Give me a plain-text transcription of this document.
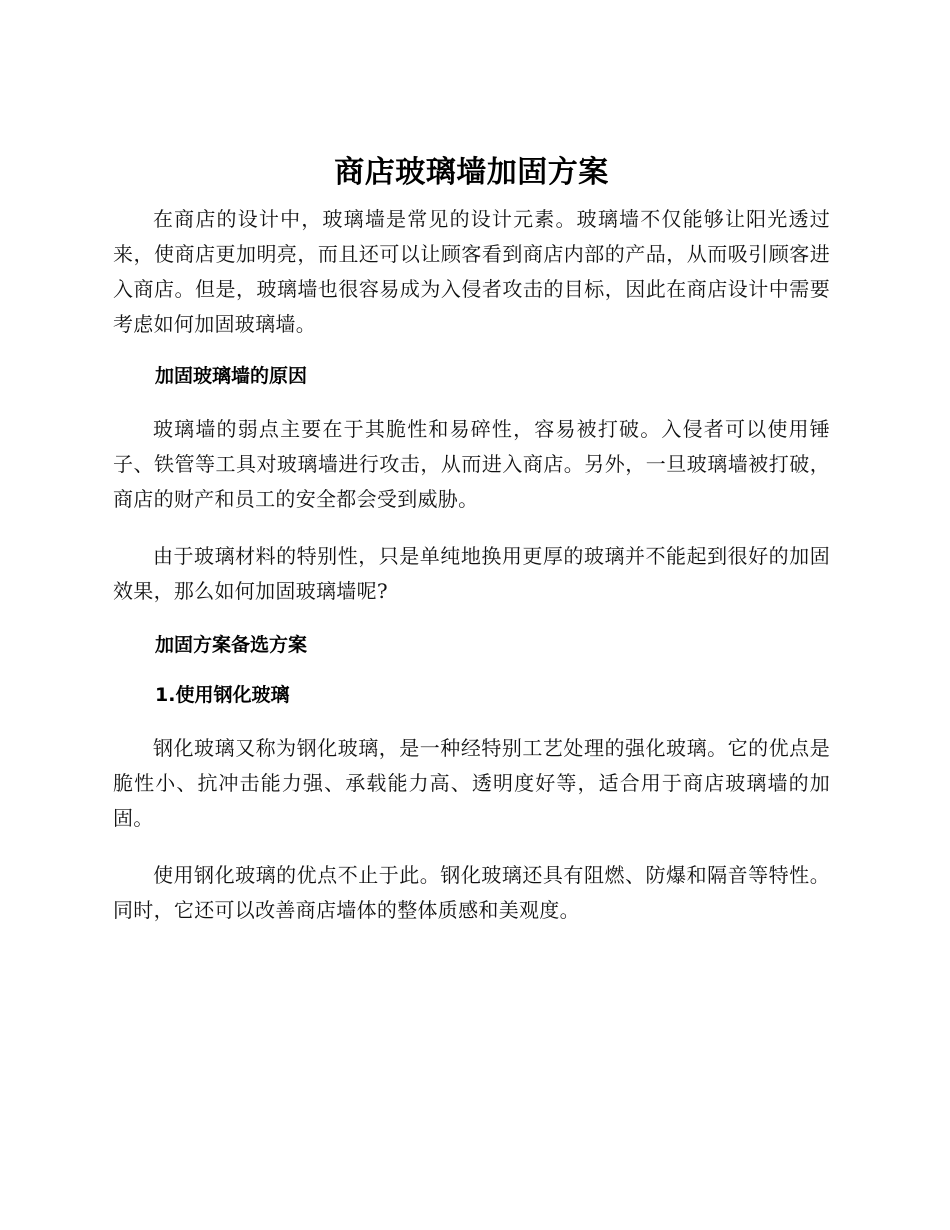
商店玻璃墙加固方案

在商店的设计中，玻璃墙是常见的设计元素。玻璃墙不仅能够让阳光透过来，使商店更加明亮，而且还可以让顾客看到商店内部的产品，从而吸引顾客进入商店。但是，玻璃墙也很容易成为入侵者攻击的目标，因此在商店设计中需要考虑如何加固玻璃墙。

加固玻璃墙的原因

玻璃墙的弱点主要在于其脆性和易碎性，容易被打破。入侵者可以使用锤子、铁管等工具对玻璃墙进行攻击，从而进入商店。另外，一旦玻璃墙被打破，商店的财产和员工的安全都会受到威胁。

由于玻璃材料的特别性，只是单纯地换用更厚的玻璃并不能起到很好的加固效果，那么如何加固玻璃墙呢?

加固方案备选方案
1.使用钢化玻璃

钢化玻璃又称为钢化玻璃，是一种经特别工艺处理的强化玻璃。它的优点是脆性小、抗冲击能力强、承载能力高、透明度好等，适合用于商店玻璃墙的加固。

使用钢化玻璃的优点不止于此。钢化玻璃还具有阻燃、防爆和隔音等特性。同时，它还可以改善商店墙体的整体质感和美观度。
